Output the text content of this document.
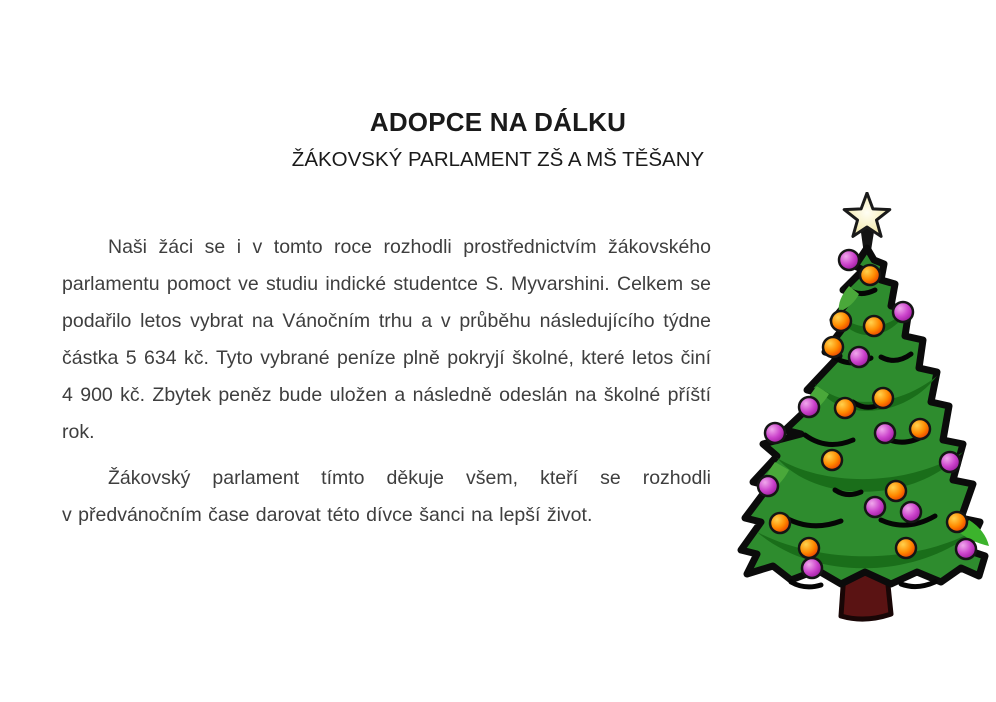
ADOPCE NA DÁLKU
ŽÁKOVSKÝ PARLAMENT ZŠ A MŠ TĚŠANY

Naši žáci se i v tomto roce rozhodli prostřednictvím žákovského parlamentu pomoct ve studiu indické studentce S. Myvarshini. Celkem se podařilo letos vybrat na Vánočním trhu a v průběhu následujícího týdne částka 5 634 kč. Tyto vybrané peníze plně pokryjí školné, které letos činí 4 900 kč. Zbytek peněz bude uložen a následně odeslán na školné příští rok.

Žákovský parlament tímto děkuje všem, kteří se rozhodli v předvánočním čase darovat této dívce šanci na lepší život.
